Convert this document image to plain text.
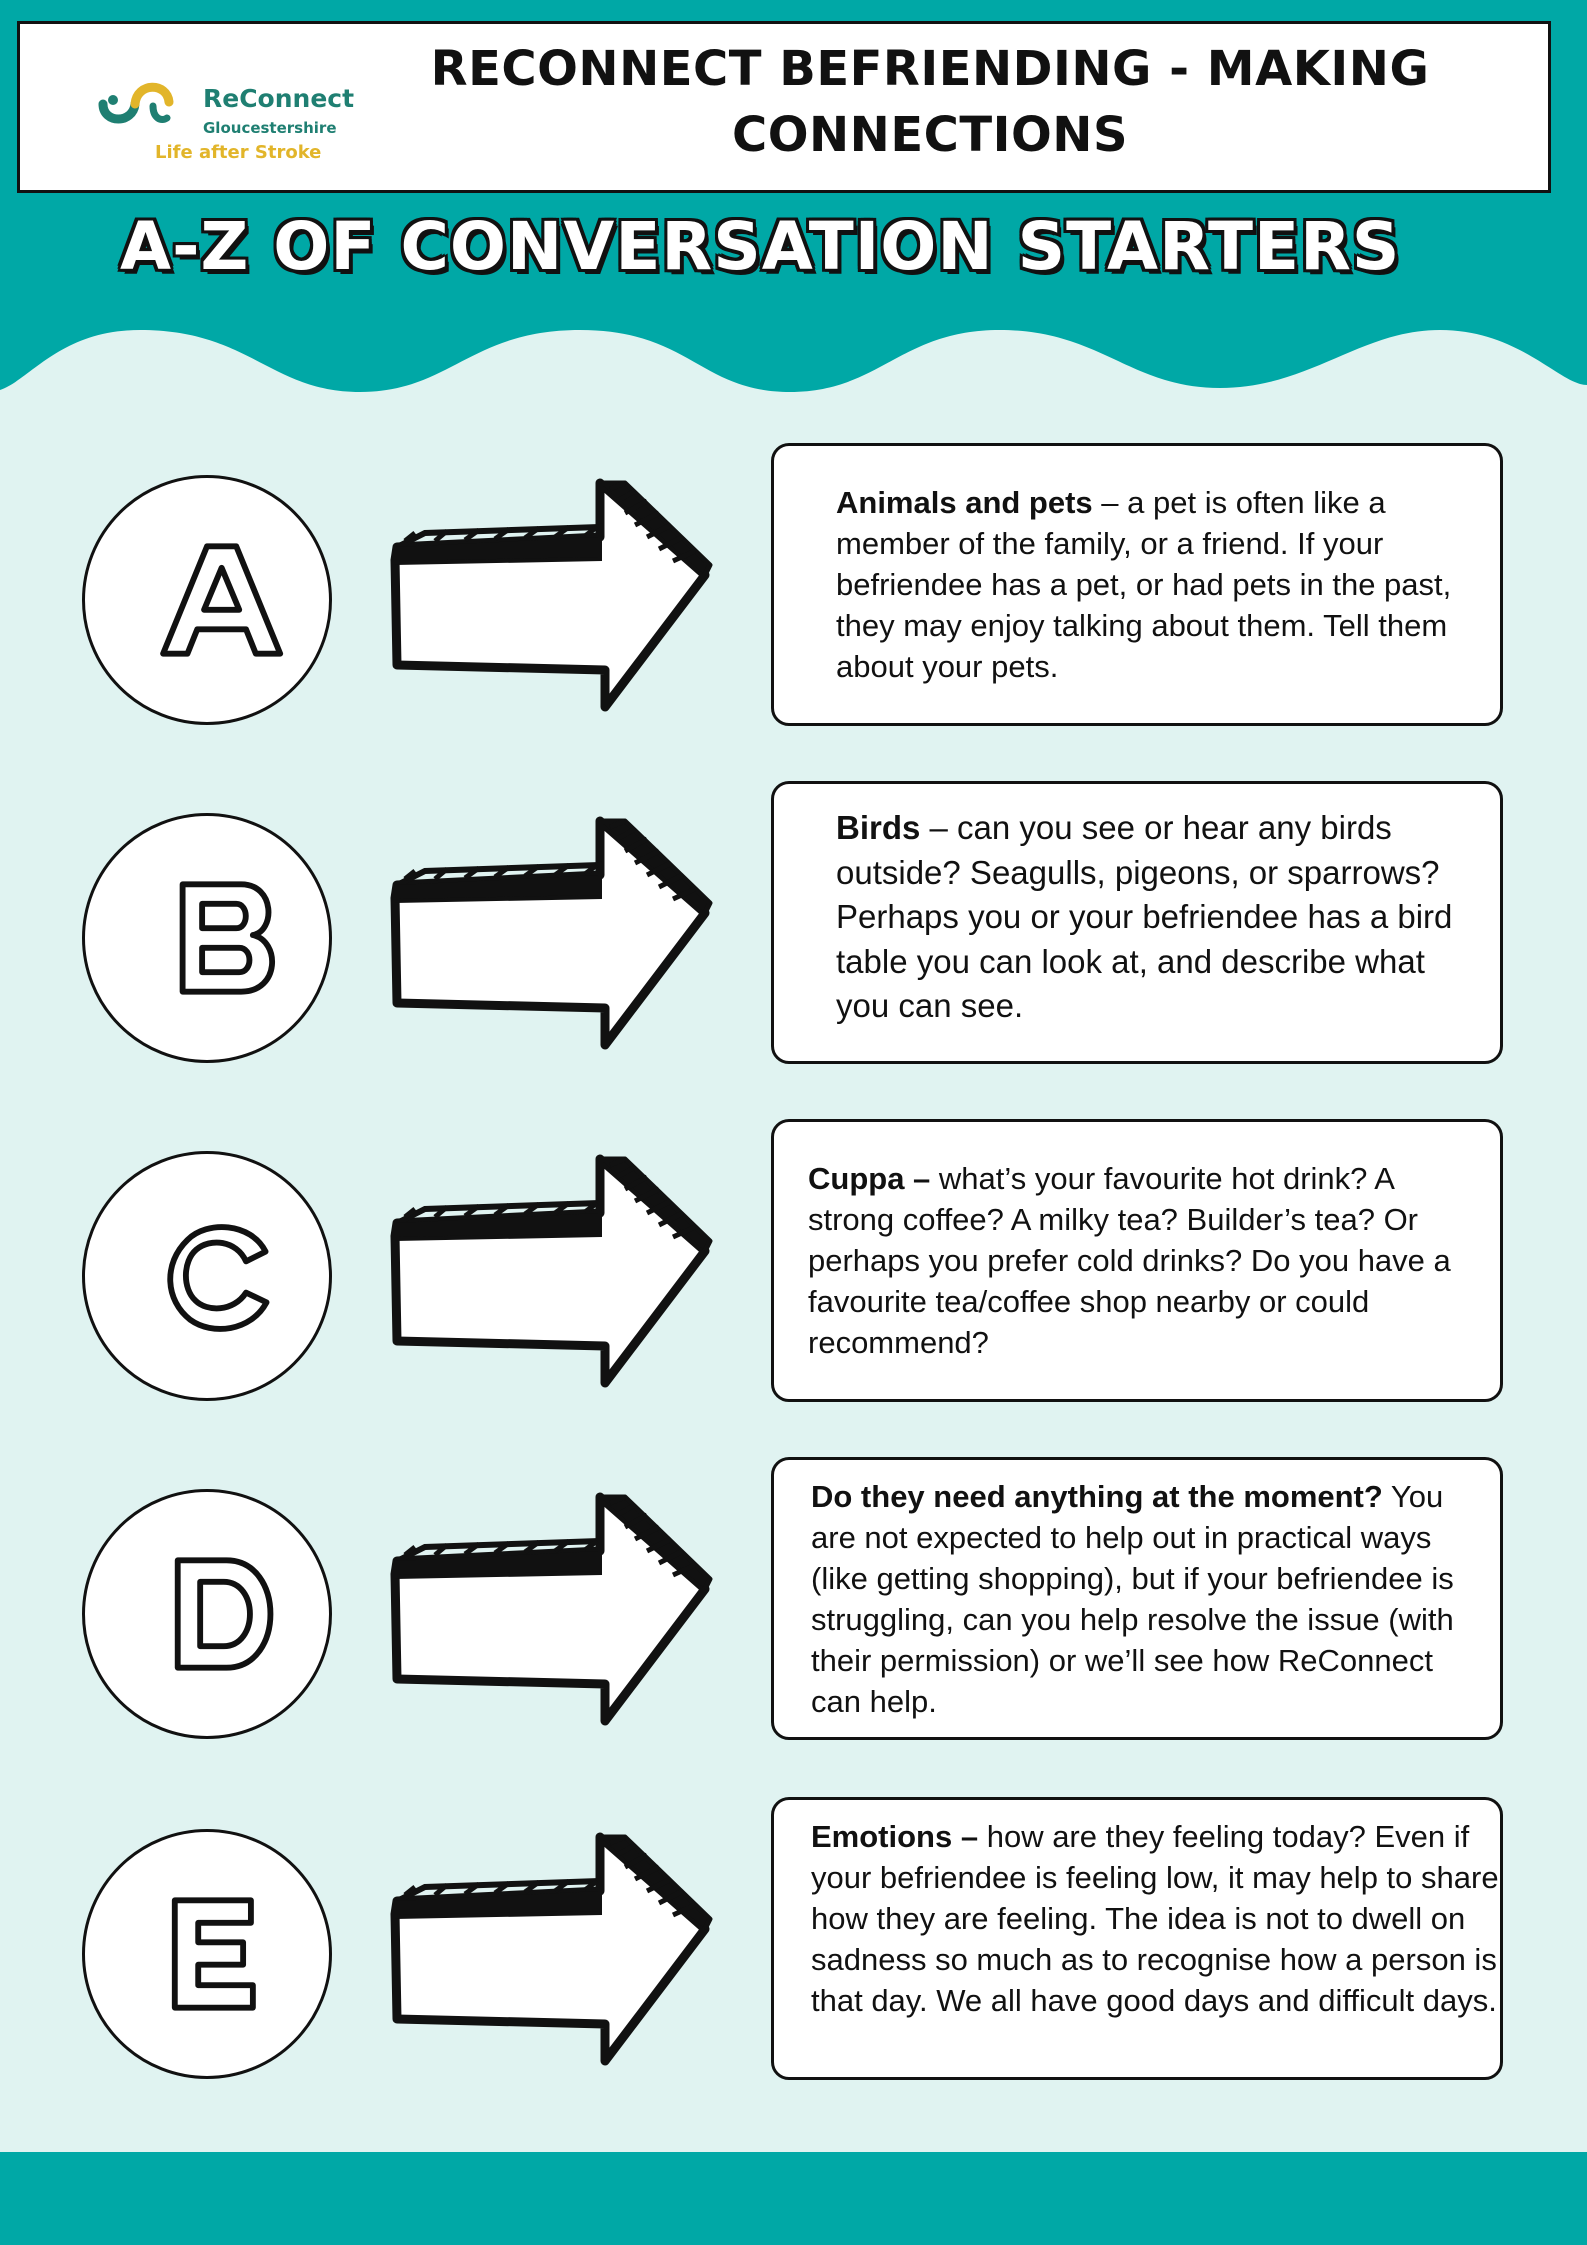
ReConnect
Gloucestershire
Life after Stroke
RECONNECT BEFRIENDING - MAKING CONNECTIONS
A-Z OF CONVERSATION STARTERS
Animals and pets – a pet is often like a member of the family, or a friend. If your befriendee has a pet, or had pets in the past, they may enjoy talking about them. Tell them about your pets.
Birds – can you see or hear any birds outside? Seagulls, pigeons, or sparrows? Perhaps you or your befriendee has a bird table you can look at, and describe what you can see.
Cuppa – what’s your favourite hot drink? A strong coffee? A milky tea? Builder’s tea? Or perhaps you prefer cold drinks? Do you have a favourite tea/coffee shop nearby or could recommend?
Do they need anything at the moment? You are not expected to help out in practical ways (like getting shopping), but if your befriendee is struggling, can you help resolve the issue (with their permission) or we’ll see how ReConnect can help.
Emotions – how are they feeling today? Even if your befriendee is feeling low, it may help to share how they are feeling. The idea is not to dwell on sadness so much as to recognise how a person is that day. We all have good days and difficult days.
